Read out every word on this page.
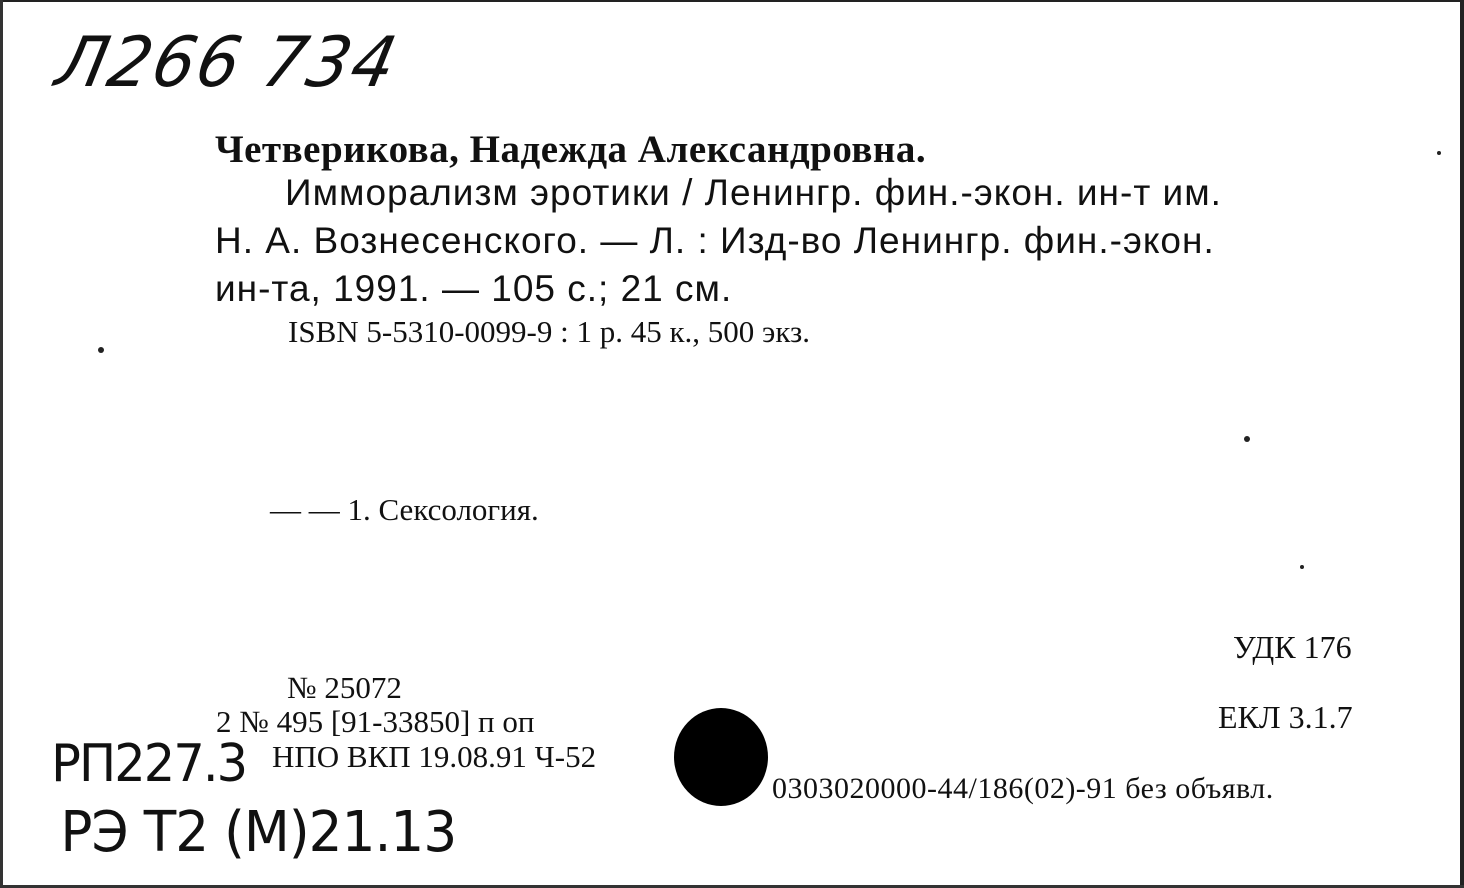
Л266 734
Четверикова, Надежда Александровна.
Имморализм эротики / Ленингр. фин.-экон. ин-т им.
Н. А. Вознесенского. — Л. : Изд-во Ленингр. фин.-экон.
ин-та, 1991. — 105 с.; 21 см.
ISBN 5-5310-0099-9 : 1 р. 45 к., 500 экз.
— — 1. Сексология.
УДК 176
№ 25072
ЕКЛ 3.1.7
2 № 495 [91-33850] п оп
НПО ВКП 19.08.91 Ч-52
0303020000-44/186(02)-91 без объявл.
РП227.3
РЭ Т2 (М)21.13
